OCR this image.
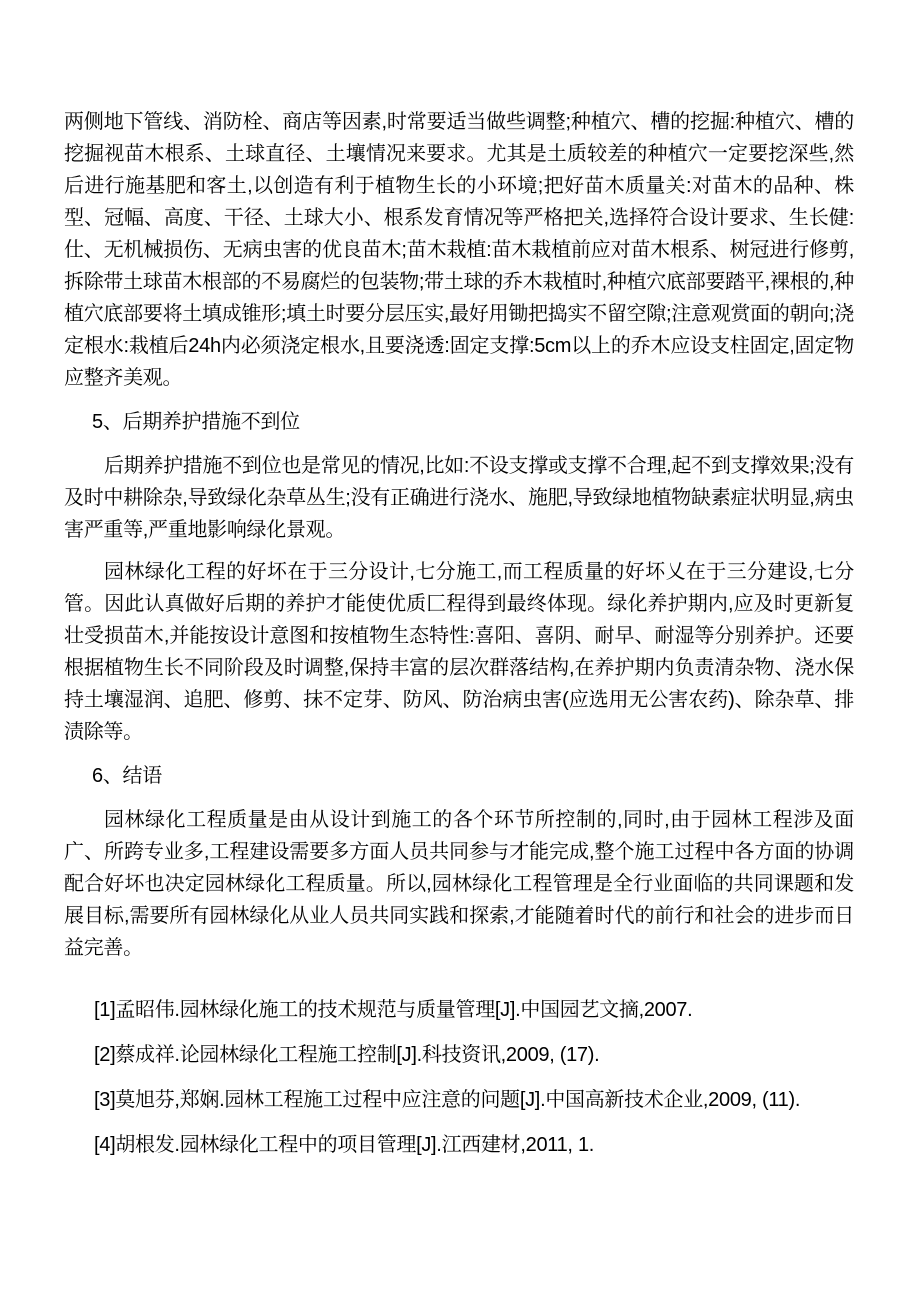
两侧地下管线、消防栓、商店等因素,时常要适当做些调整;种植穴、槽的挖掘:种植穴、槽的挖掘视苗木根系、土球直径、土壤情况来要求。尤其是土质较差的种植穴一定要挖深些,然后进行施基肥和客土,以创造有利于植物生长的小环境;把好苗木质量关:对苗木的品种、株型、冠幅、高度、干径、土球大小、根系发育情况等严格把关,选择符合设计要求、生长健:仕、无机械损伤、无病虫害的优良苗木;苗木栽植:苗木栽植前应对苗木根系、树冠进行修剪,拆除带土球苗木根部的不易腐烂的包装物;带土球的乔木栽植时,种植穴底部要踏平,裸根的,种植穴底部要将土填成锥形;填土时要分层压实,最好用锄把捣实不留空隙;注意观赏面的朝向;浇定根水:栽植后24h内必须浇定根水,且要浇透:固定支撑:5cm以上的乔木应设支柱固定,固定物应整齐美观。

5、后期养护措施不到位

后期养护措施不到位也是常见的情况,比如:不设支撑或支撑不合理,起不到支撑效果;没有及时中耕除杂,导致绿化杂草丛生;没有正确进行浇水、施肥,导致绿地植物缺素症状明显,病虫害严重等,严重地影响绿化景观。

园林绿化工程的好坏在于三分设计,七分施工,而工程质量的好坏乂在于三分建设,七分管。因此认真做好后期的养护才能使优质匚程得到最终体现。绿化养护期内,应及时更新复壮受损苗木,并能按设计意图和按植物生态特性:喜阳、喜阴、耐早、耐湿等分别养护。还要根据植物生长不同阶段及时调整,保持丰富的层次群落结构,在养护期内负责清杂物、浇水保持土壤湿润、追肥、修剪、抹不定芽、防风、防治病虫害(应选用无公害农药)、除杂草、排渍除等。

6、结语

园林绿化工程质量是由从设计到施工的各个环节所控制的,同时,由于园林工程涉及面广、所跨专业多,工程建设需要多方面人员共同参与才能完成,整个施工过程中各方面的协调配合好坏也决定园林绿化工程质量。所以,园林绿化工程管理是全行业面临的共同课题和发展目标,需要所有园林绿化从业人员共同实践和探索,才能随着时代的前行和社会的进步而日益完善。

[1]孟昭伟.园林绿化施工的技术规范与质量管理[J].中国园艺文摘,2007.

[2]蔡成祥.论园林绿化工程施工控制[J].科技资讯,2009, (17).

[3]莫旭芬,郑娴.园林工程施工过程中应注意的问题[J].中国高新技术企业,2009, (11).

[4]胡根发.园林绿化工程中的项目管理[J].江西建材,2011, 1.
